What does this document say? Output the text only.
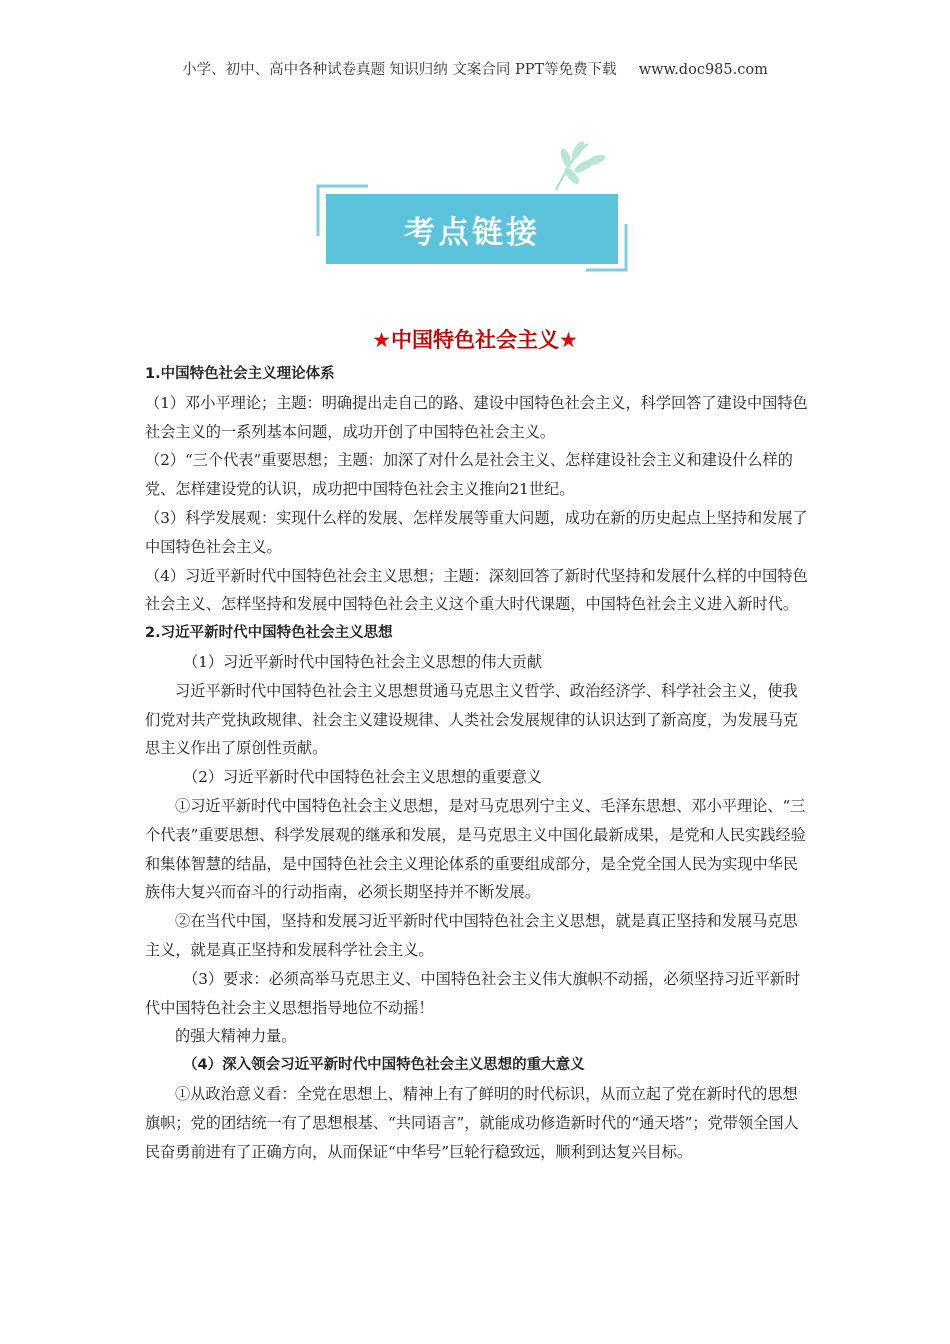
小学、初中、高中各种试卷真题 知识归纳 文案合同 PPT等免费下载 www.doc985.com
考点链接
★中国特色社会主义★

1.中国特色社会主义理论体系

（1）邓小平理论；主题：明确提出走自己的路、建设中国特色社会主义，科学回答了建设中国特色社会主义的一系列基本问题，成功开创了中国特色社会主义。

（2）“三个代表”重要思想；主题：加深了对什么是社会主义、怎样建设社会主义和建设什么样的党、怎样建设党的认识，成功把中国特色社会主义推向21世纪。

（3）科学发展观：实现什么样的发展、怎样发展等重大问题，成功在新的历史起点上坚持和发展了中国特色社会主义。

（4）习近平新时代中国特色社会主义思想；主题：深刻回答了新时代坚持和发展什么样的中国特色社会主义、怎样坚持和发展中国特色社会主义这个重大时代课题，中国特色社会主义进入新时代。

2.习近平新时代中国特色社会主义思想

（1）习近平新时代中国特色社会主义思想的伟大贡献

习近平新时代中国特色社会主义思想贯通马克思主义哲学、政治经济学、科学社会主义，使我们党对共产党执政规律、社会主义建设规律、人类社会发展规律的认识达到了新高度，为发展马克思主义作出了原创性贡献。

（2）习近平新时代中国特色社会主义思想的重要意义

①习近平新时代中国特色社会主义思想，是对马克思列宁主义、毛泽东思想、邓小平理论、“三个代表”重要思想、科学发展观的继承和发展，是马克思主义中国化最新成果，是党和人民实践经验和集体智慧的结晶，是中国特色社会主义理论体系的重要组成部分，是全党全国人民为实现中华民族伟大复兴而奋斗的行动指南，必须长期坚持并不断发展。

②在当代中国，坚持和发展习近平新时代中国特色社会主义思想，就是真正坚持和发展马克思主义，就是真正坚持和发展科学社会主义。

（3）要求：必须高举马克思主义、中国特色社会主义伟大旗帜不动摇，必须坚持习近平新时代中国特色社会主义思想指导地位不动摇！

的强大精神力量。

（4）深入领会习近平新时代中国特色社会主义思想的重大意义

①从政治意义看：全党在思想上、精神上有了鲜明的时代标识，从而立起了党在新时代的思想旗帜；党的团结统一有了思想根基、“共同语言”，就能成功修造新时代的“通天塔”；党带领全国人民奋勇前进有了正确方向，从而保证“中华号”巨轮行稳致远，顺利到达复兴目标。
